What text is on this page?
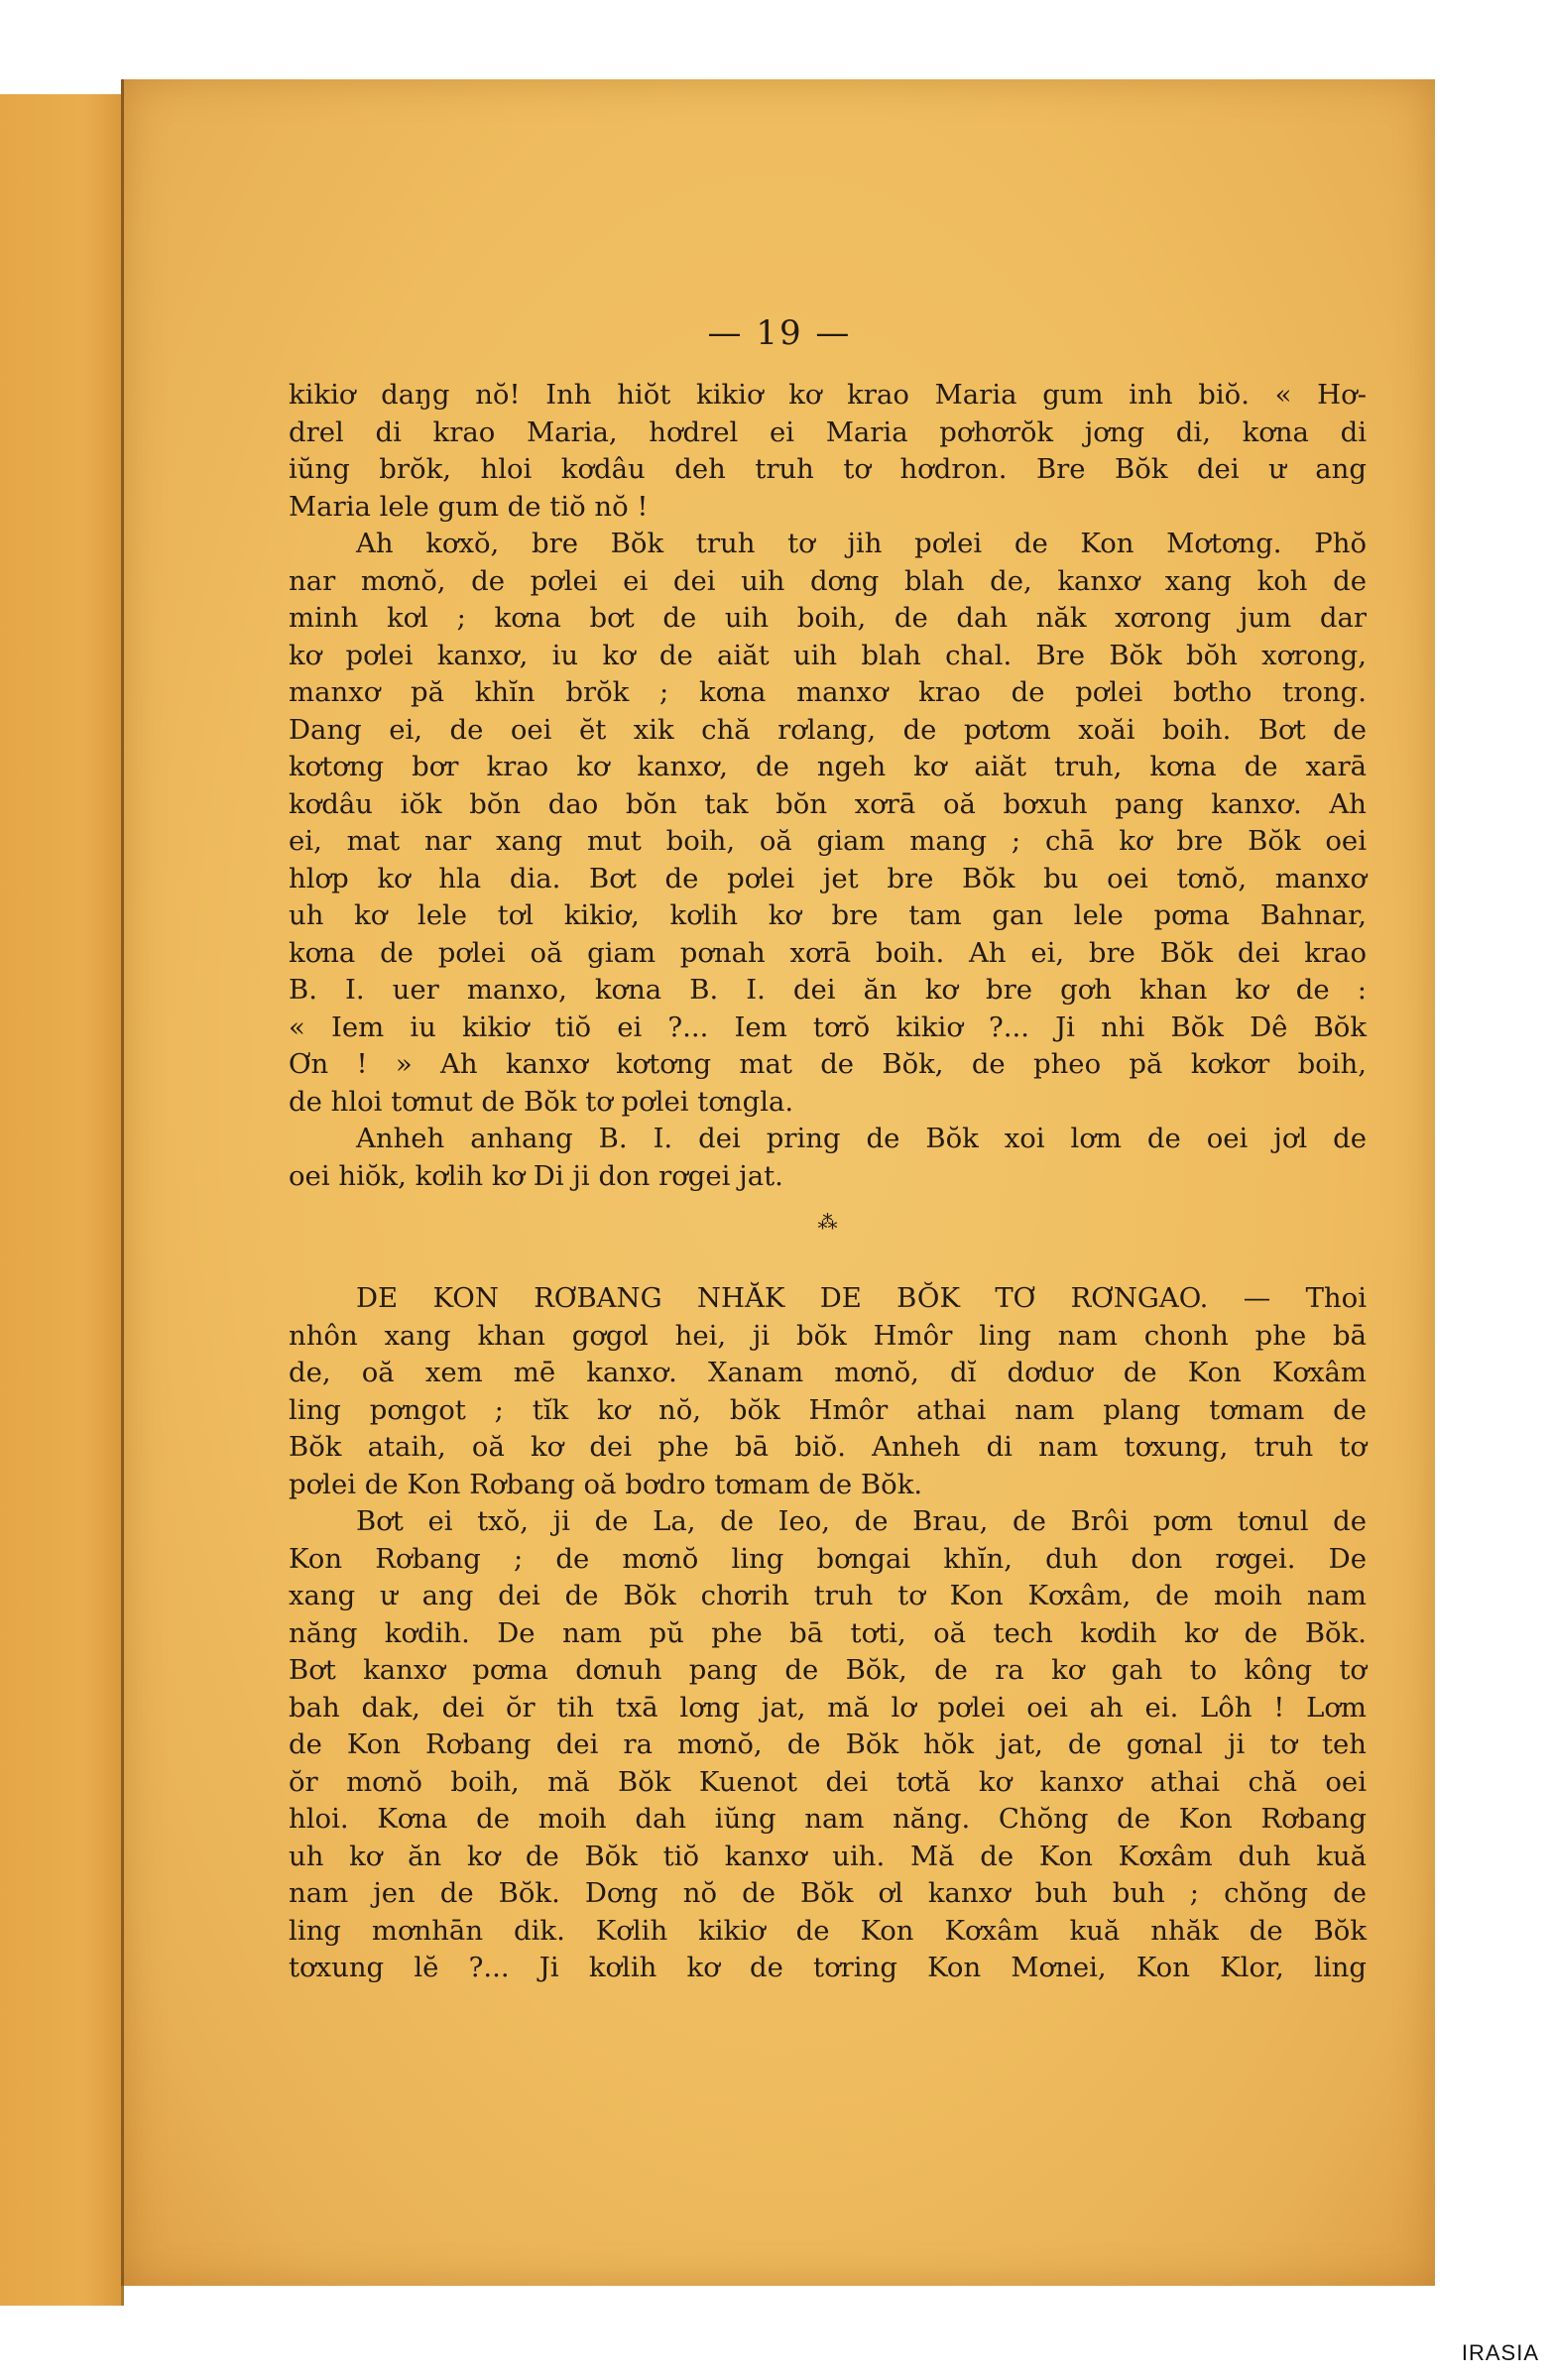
— 19 —
kikiơ daŋg nŏ! Inh hiŏt kikiơ kơ krao Maria gum inh biŏ. « Hơ-
drel di krao Maria, hơdrel ei Maria pơhơrŏk jơng di, kơna di
iŭng brŏk, hloi kơdâu deh truh tơ hơdron. Bre Bŏk dei ư ang
Maria lele gum de tiŏ nŏ !
Ah kơxŏ, bre Bŏk truh tơ jih pơlei de Kon Mơtơng. Phŏ
nar mơnŏ, de pơlei ei dei uih dơng blah de, kanxơ xang koh de
minh kơl ; kơna bơt de uih boih, de dah năk xơrong jum dar
kơ pơlei kanxơ, iu kơ de aiăt uih blah chal. Bre Bŏk bŏh xơrong,
manxơ pă khĭn brŏk ; kơna manxơ krao de pơlei bơtho trong.
Dang ei, de oei ĕt xik chă rơlang, de pơtơm xoăi boih. Bơt de
kơtơng bơr krao kơ kanxơ, de ngeh kơ aiăt truh, kơna de xarā
kơdâu iŏk bŏn dao bŏn tak bŏn xơrā oă bơxuh pang kanxơ. Ah
ei, mat nar xang mut boih, oă giam mang ; chā kơ bre Bŏk oei
hlơp kơ hla dia. Bơt de pơlei jet bre Bŏk bu oei tơnŏ, manxơ
uh kơ lele tơl kikiơ, kơlih kơ bre tam gan lele pơma Bahnar,
kơna de pơlei oă giam pơnah xơrā boih. Ah ei, bre Bŏk dei krao
B. I. uer manxo, kơna B. I. dei ăn kơ bre gơh khan kơ de :
« Iem iu kikiơ tiŏ ei ?... Iem tơrŏ kikiơ ?... Ji nhi Bŏk Dê Bŏk
Ơn ! » Ah kanxơ kơtơng mat de Bŏk, de pheo pă kơkơr boih,
de hloi tơmut de Bŏk tơ pơlei tơngla.
Anheh anhang B. I. dei pring de Bŏk xoi lơm de oei jơl de
oei hiŏk, kơlih kơ Di ji don rơgei jat.
⁂
DE KON RƠBANG NHĂK DE BŎK TƠ RƠNGAO. — Thoi
nhôn xang khan gơgơl hei, ji bŏk Hmôr ling nam chonh phe bā
de, oă xem mē kanxơ. Xanam mơnŏ, dĭ dơduơ de Kon Kơxâm
ling pơngot ; tĭk kơ nŏ, bŏk Hmôr athai nam plang tơmam de
Bŏk ataih, oă kơ dei phe bā biŏ. Anheh di nam tơxung, truh tơ
pơlei de Kon Rơbang oă bơdro tơmam de Bŏk.
Bơt ei txŏ, ji de La, de Ieo, de Brau, de Brôi pơm tơnul de
Kon Rơbang ; de mơnŏ ling bơngai khĭn, duh don rơgei. De
xang ư ang dei de Bŏk chơrih truh tơ Kon Kơxâm, de moih nam
năng kơdih. De nam pŭ phe bā tơti, oă tech kơdih kơ de Bŏk.
Bơt kanxơ pơma dơnuh pang de Bŏk, de ra kơ gah to kông tơ
bah dak, dei ŏr tih txā lơng jat, mă lơ pơlei oei ah ei. Lôh ! Lơm
de Kon Rơbang dei ra mơnŏ, de Bŏk hŏk jat, de gơnal ji tơ teh
ŏr mơnŏ boih, mă Bŏk Kuenot dei tơtă kơ kanxơ athai chă oei
hloi. Kơna de moih dah iŭng nam năng. Chŏng de Kon Rơbang
uh kơ ăn kơ de Bŏk tiŏ kanxơ uih. Mă de Kon Kơxâm duh kuă
nam jen de Bŏk. Dơng nŏ de Bŏk ơl kanxơ buh buh ; chŏng de
ling mơnhān dik. Kơlih kikiơ de Kon Kơxâm kuă nhăk de Bŏk
tơxung lĕ ?... Ji kơlih kơ de tơring Kon Mơnei, Kon Klor, ling
IRASIA
